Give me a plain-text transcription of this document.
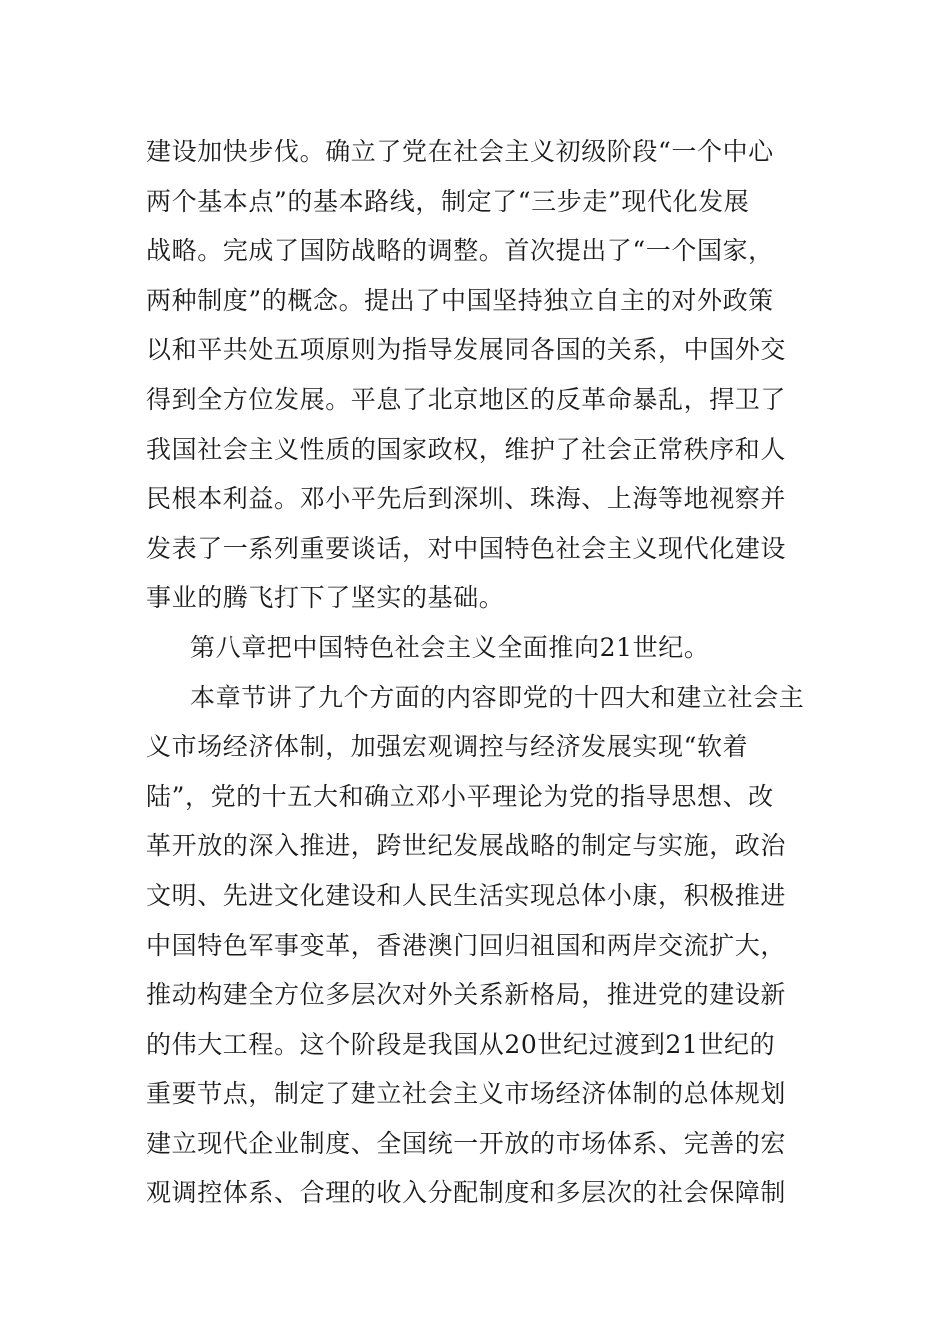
建设加快步伐。确立了党在社会主义初级阶段“一个中心
两个基本点”的基本路线，制定了“三步走”现代化发展
战略。完成了国防战略的调整。首次提出了“一个国家，
两种制度”的概念。提出了中国坚持独立自主的对外政策
以和平共处五项原则为指导发展同各国的关系，中国外交
得到全方位发展。平息了北京地区的反革命暴乱，捍卫了
我国社会主义性质的国家政权，维护了社会正常秩序和人
民根本利益。邓小平先后到深圳、珠海、上海等地视察并
发表了一系列重要谈话，对中国特色社会主义现代化建设
事业的腾飞打下了坚实的基础。
第八章把中国特色社会主义全面推向21世纪。
本章节讲了九个方面的内容即党的十四大和建立社会主
义市场经济体制，加强宏观调控与经济发展实现“软着
陆”，党的十五大和确立邓小平理论为党的指导思想、改
革开放的深入推进，跨世纪发展战略的制定与实施，政治
文明、先进文化建设和人民生活实现总体小康，积极推进
中国特色军事变革，香港澳门回归祖国和两岸交流扩大，
推动构建全方位多层次对外关系新格局，推进党的建设新
的伟大工程。这个阶段是我国从20世纪过渡到21世纪的
重要节点，制定了建立社会主义市场经济体制的总体规划
建立现代企业制度、全国统一开放的市场体系、完善的宏
观调控体系、合理的收入分配制度和多层次的社会保障制
